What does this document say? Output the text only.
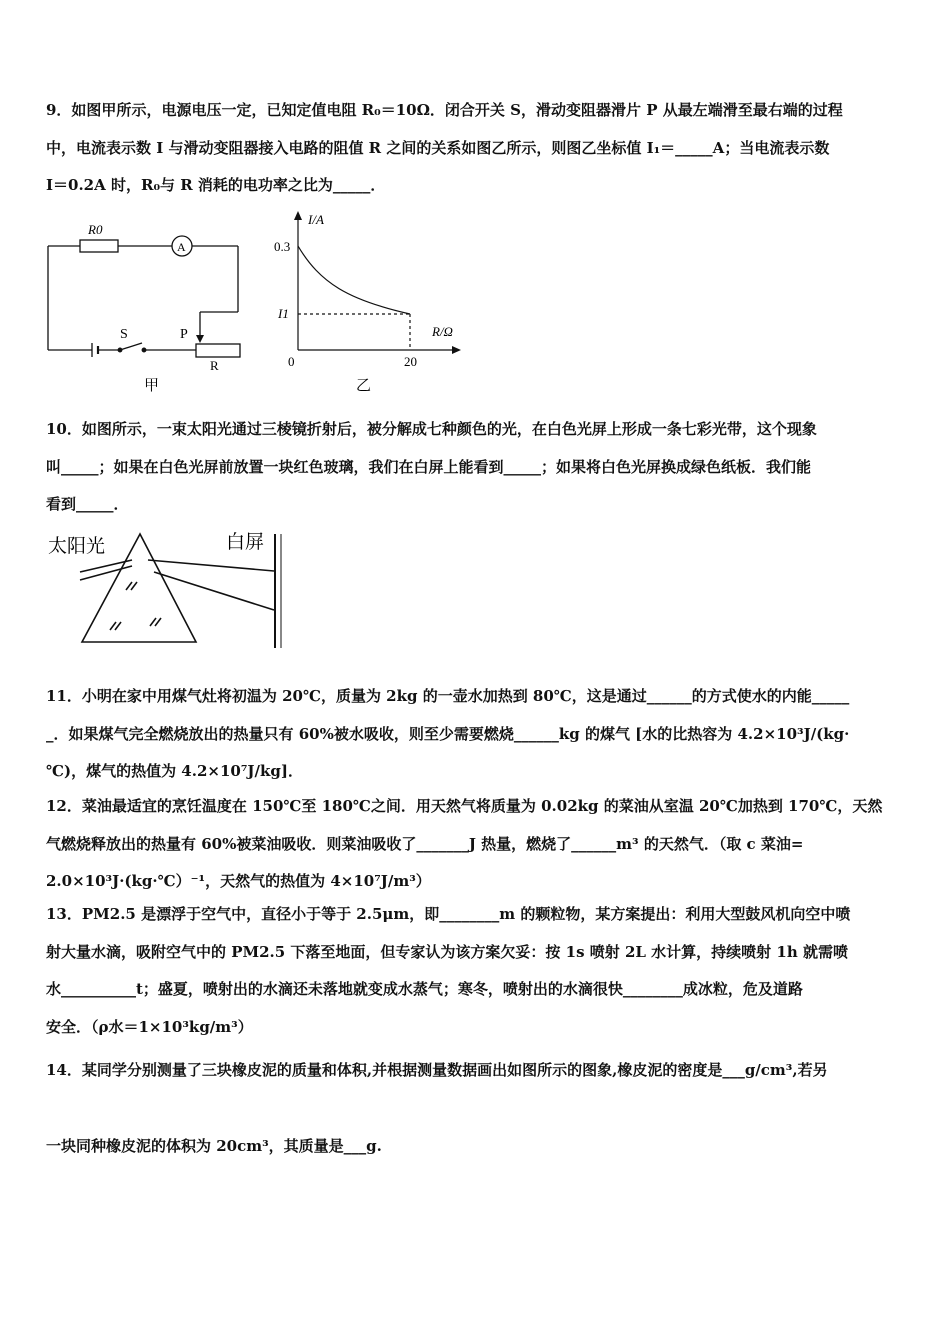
9．如图甲所示，电源电压一定，已知定值电阻 R₀＝10Ω．闭合开关 S，滑动变阻器滑片 P 从最左端滑至最右端的过程
中，电流表示数 I 与滑动变阻器接入电路的阻值 R 之间的关系如图乙所示，则图乙坐标值 I₁＝_____A；当电流表示数
I＝0.2A 时，R₀与 R 消耗的电功率之比为_____．
R0
A
S	P
R
甲
I/A
R/Ω
0.3
I1
0	20
乙
10．如图所示，一束太阳光通过三棱镜折射后，被分解成七种颜色的光，在白色光屏上形成一条七彩光带，这个现象
叫_____；如果在白色光屏前放置一块红色玻璃，我们在白屏上能看到_____；如果将白色光屏换成绿色纸板．我们能
看到_____．
太阳光	白屏
11．小明在家中用煤气灶将初温为 20℃，质量为 2kg 的一壶水加热到 80℃，这是通过______的方式使水的内能_____
_．如果煤气完全燃烧放出的热量只有 60%被水吸收，则至少需要燃烧______kg 的煤气 [水的比热容为 4.2×10³J/(kg·
℃)，煤气的热值为 4.2×10⁷J/kg]．
12．菜油最适宜的烹饪温度在 150℃至 180℃之间．用天然气将质量为 0.02kg 的菜油从室温 20℃加热到 170℃，天然
气燃烧释放出的热量有 60%被菜油吸收．则菜油吸收了_______J 热量，燃烧了______m³ 的天然气．（取 c 菜油=
2.0×10³J·(kg·℃）⁻¹，天然气的热值为 4×10⁷J/m³）
13．PM2.5 是漂浮于空气中，直径小于等于 2.5μm，即________m 的颗粒物，某方案提出：利用大型鼓风机向空中喷
射大量水滴，吸附空气中的 PM2.5 下落至地面，但专家认为该方案欠妥：按 1s 喷射 2L 水计算，持续喷射 1h 就需喷
水__________t；盛夏，喷射出的水滴还未落地就变成水蒸气；寒冬，喷射出的水滴很快________成冰粒，危及道路
安全．（ρ水＝1×10³kg/m³）
14．某同学分别测量了三块橡皮泥的质量和体积,并根据测量数据画出如图所示的图象,橡皮泥的密度是___g/cm³,若另
一块同种橡皮泥的体积为 20cm³，其质量是___g.
